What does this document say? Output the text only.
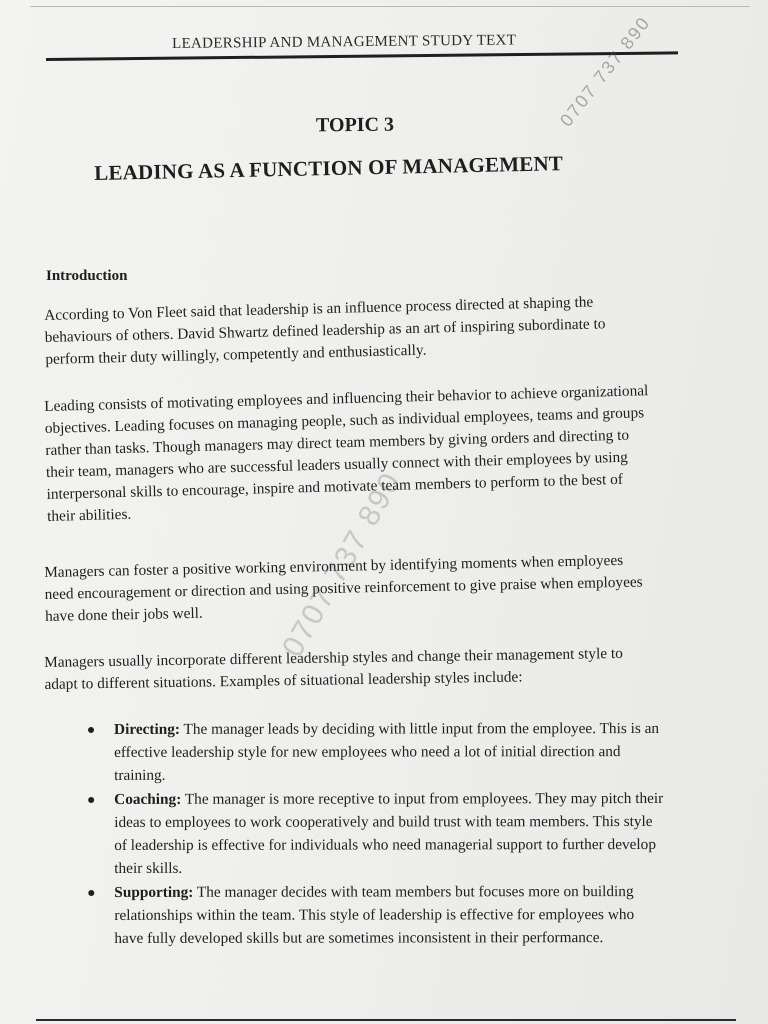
LEADERSHIP AND MANAGEMENT STUDY TEXT
TOPIC 3
LEADING AS A FUNCTION OF MANAGEMENT
0707 737 890
Introduction

According to Von Fleet said that leadership is an influence process directed at shaping the behaviours of others. David Shwartz defined leadership as an art of inspiring subordinate to perform their duty willingly, competently and enthusiastically.

Leading consists of motivating employees and influencing their behavior to achieve organizational objectives. Leading focuses on managing people, such as individual employees, teams and groups rather than tasks. Though managers may direct team members by giving orders and directing to their team, managers who are successful leaders usually connect with their employees by using interpersonal skills to encourage, inspire and motivate team members to perform to the best of their abilities.

Managers can foster a positive working environment by identifying moments when employees need encouragement or direction and using positive reinforcement to give praise when employees have done their jobs well.

Managers usually incorporate different leadership styles and change their management style to adapt to different situations. Examples of situational leadership styles include:

0707 737 890
Directing: The manager leads by deciding with little input from the employee. This is an effective leadership style for new employees who need a lot of initial direction and training.
Coaching: The manager is more receptive to input from employees. They may pitch their ideas to employees to work cooperatively and build trust with team members. This style of leadership is effective for individuals who need managerial support to further develop their skills.
Supporting: The manager decides with team members but focuses more on building relationships within the team. This style of leadership is effective for employees who have fully developed skills but are sometimes inconsistent in their performance.
